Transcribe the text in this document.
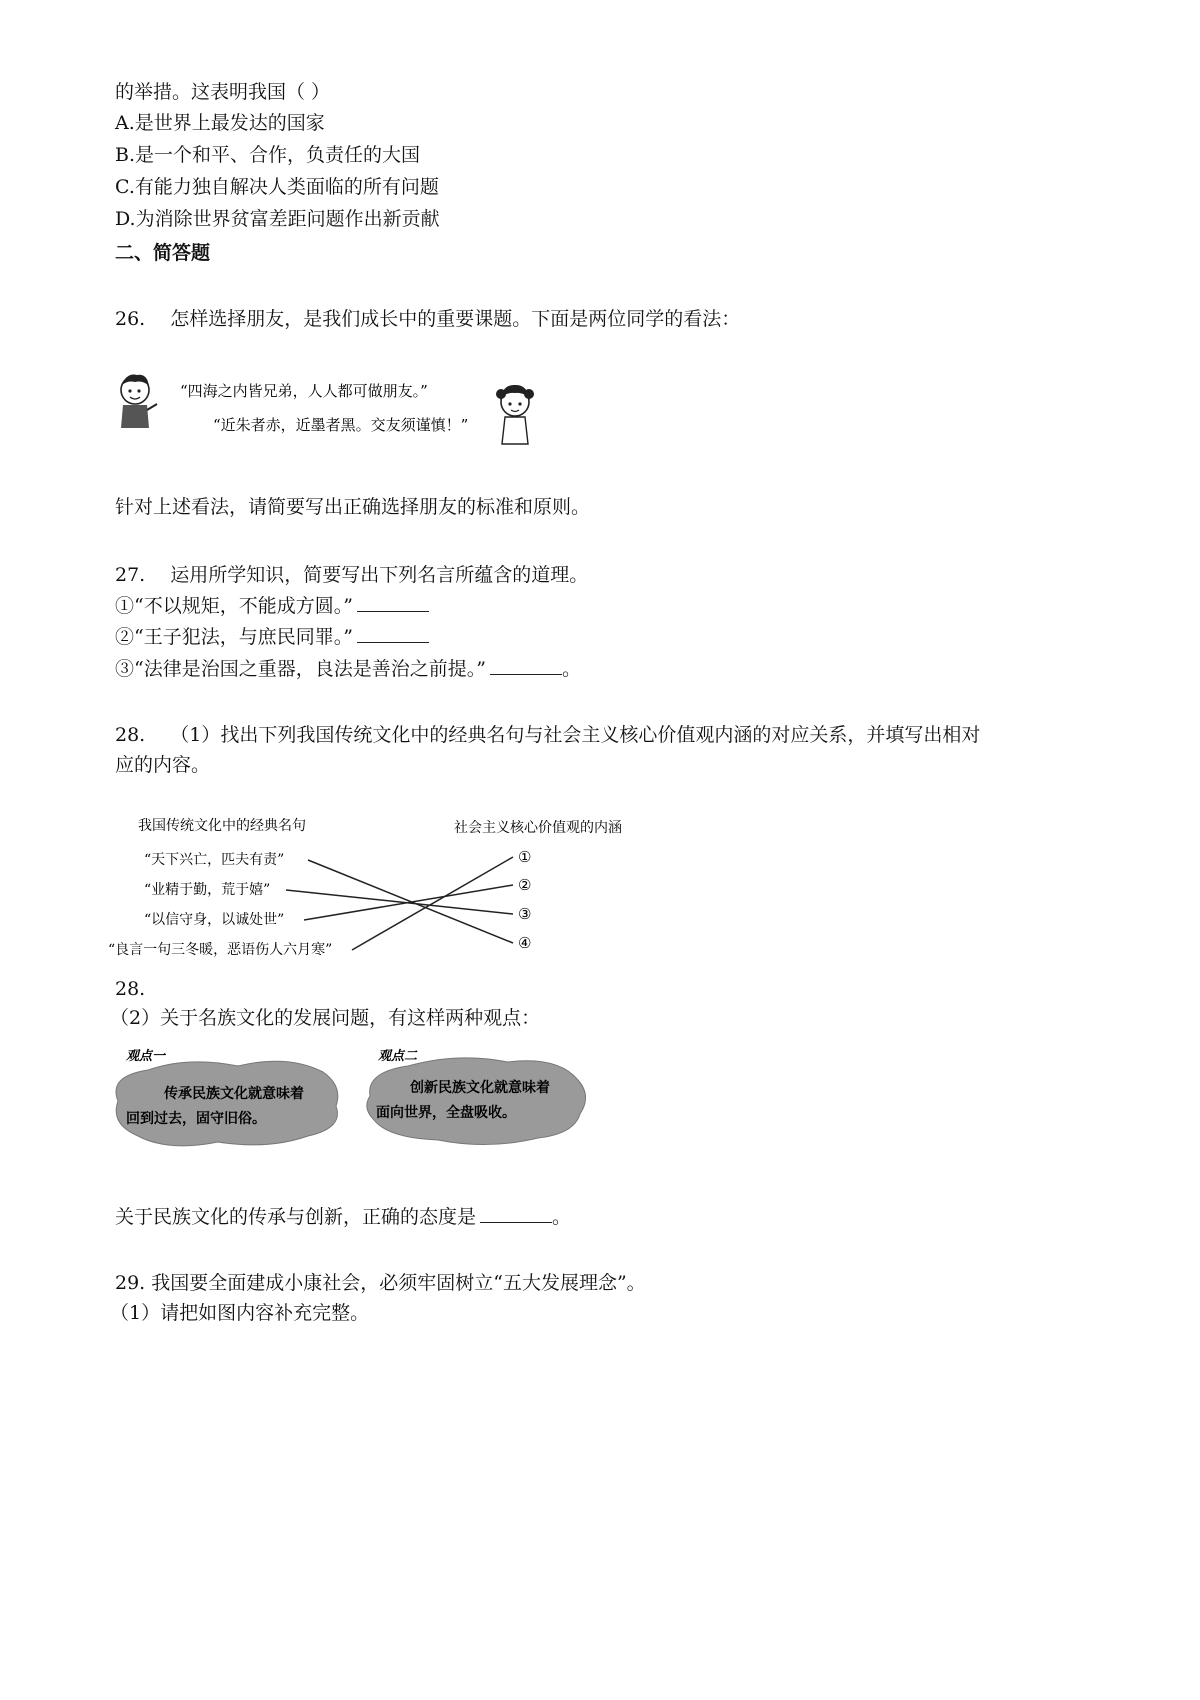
的举措。这表明我国（ ）
A.是世界上最发达的国家
B.是一个和平、合作，负责任的大国
C.有能力独自解决人类面临的所有问题
D.为消除世界贫富差距问题作出新贡献
二、简答题
26.　 怎样选择朋友，是我们成长中的重要课题。下面是两位同学的看法：
“四海之内皆兄弟，人人都可做朋友。”
“近朱者赤，近墨者黑。交友须谨慎！”
针对上述看法，请简要写出正确选择朋友的标准和原则。
27.　 运用所学知识，简要写出下列名言所蕴含的道理。
①“不以规矩，不能成方圆。”
②“王子犯法，与庶民同罪。”
③“法律是治国之重器，良法是善治之前提。”	。
28.　 （1）找出下列我国传统文化中的经典名句与社会主义核心价值观内涵的对应关系，并填写出相对
应的内容。
我国传统文化中的经典名句	社会主义核心价值观的内涵
“天下兴亡，匹夫有责”
“业精于勤，荒于嬉”
“以信守身，以诚处世”
“良言一句三冬暖，恶语伤人六月寒”
①
②
③
④
28.
（2）关于名族文化的发展问题，有这样两种观点：
观点一
传承民族文化就意味着
回到过去，固守旧俗。
观点二
创新民族文化就意味着
面向世界，全盘吸收。
关于民族文化的传承与创新，正确的态度是	。
29. 我国要全面建成小康社会，必须牢固树立“五大发展理念”。
（1）请把如图内容补充完整。
